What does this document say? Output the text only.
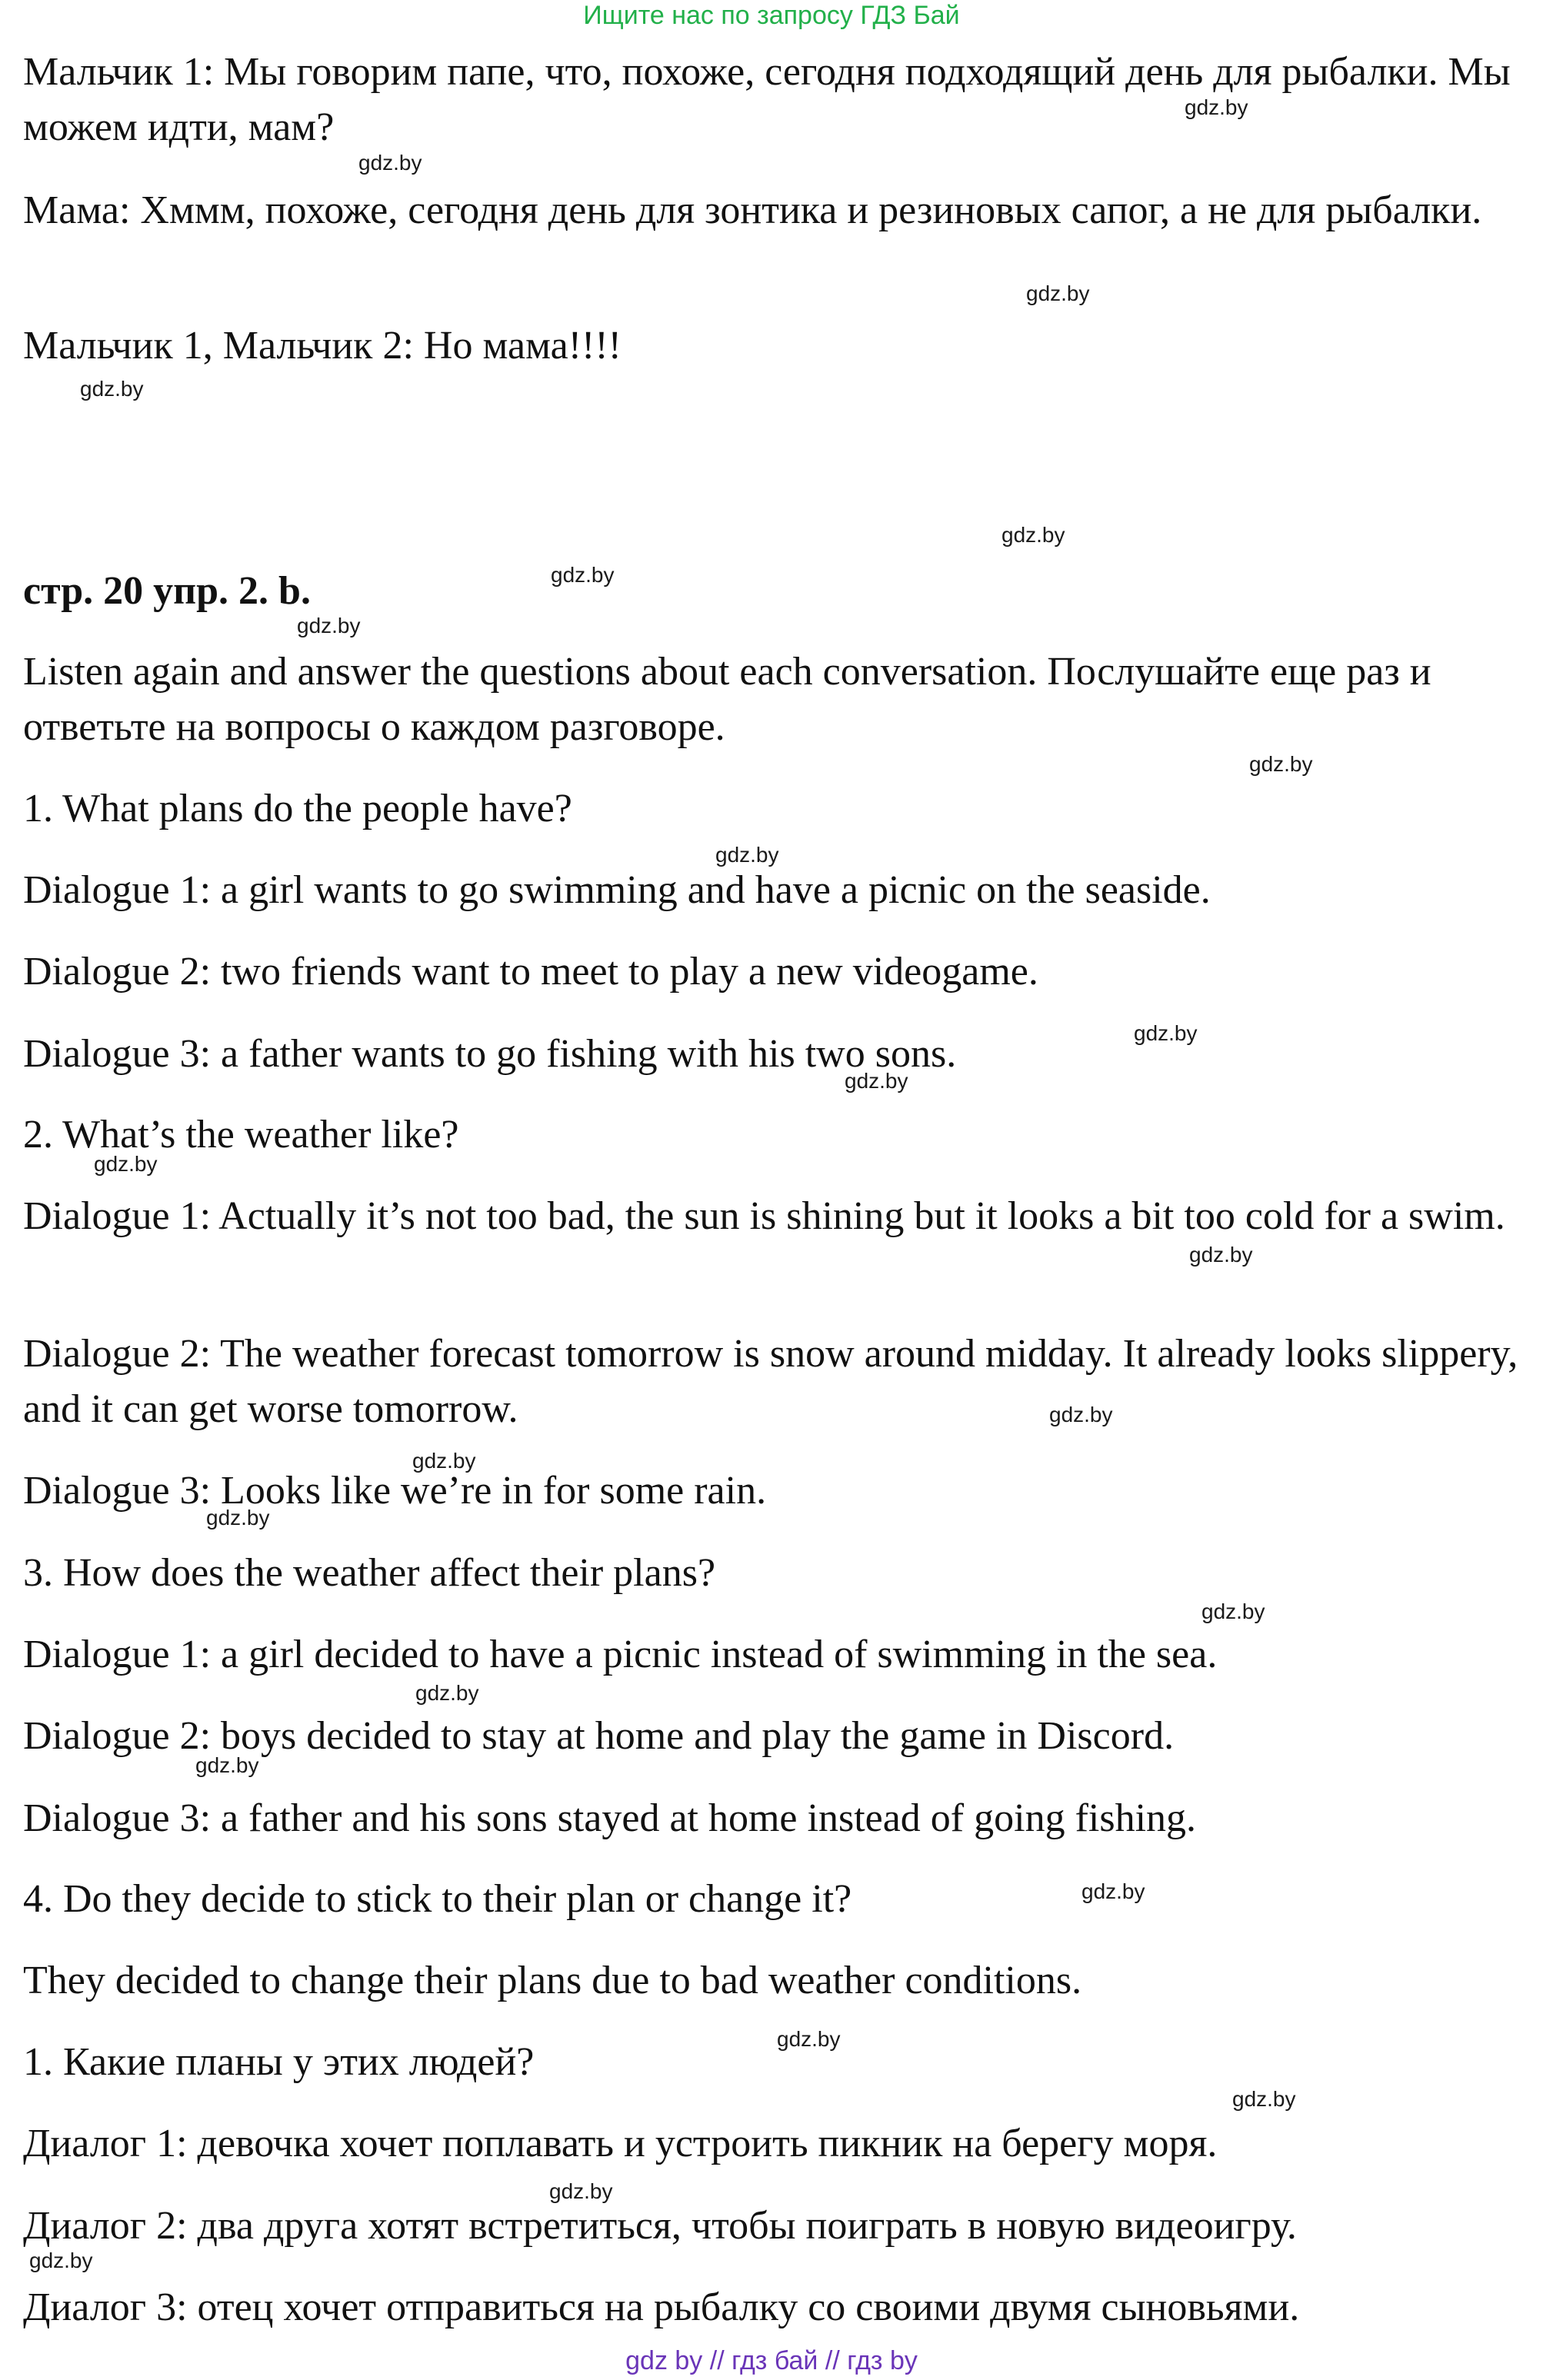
Ищите нас по запросу ГДЗ Бай

Мальчик 1: Мы говорим папе, что, похоже, сегодня подходящий день для рыбалки. Мы можем идти, мам?

Мама: Хммм, похоже, сегодня день для зонтика и резиновых сапог, а не для рыбалки.

Мальчик 1, Мальчик 2: Но мама!!!!

стр. 20 упр. 2. b.

Listen again and answer the questions about each conversation. Послушайте еще раз и ответьте на вопросы о каждом разговоре.

1. What plans do the people have?

Dialogue 1: a girl wants to go swimming and have a picnic on the seaside.

Dialogue 2: two friends want to meet to play a new videogame.

Dialogue 3: a father wants to go fishing with his two sons.

2. What’s the weather like?

Dialogue 1: Actually it’s not too bad, the sun is shining but it looks a bit too cold for a swim.

Dialogue 2: The weather forecast tomorrow is snow around midday. It already looks slippery, and it can get worse tomorrow.

Dialogue 3: Looks like we’re in for some rain.

3. How does the weather affect their plans?

Dialogue 1: a girl decided to have a picnic instead of swimming in the sea.

Dialogue 2: boys decided to stay at home and play the game in Discord.

Dialogue 3: a father and his sons stayed at home instead of going fishing.

4. Do they decide to stick to their plan or change it?

They decided to change their plans due to bad weather conditions.

1. Какие планы у этих людей?

Диалог 1: девочка хочет поплавать и устроить пикник на берегу моря.

Диалог 2: два друга хотят встретиться, чтобы поиграть в новую видеоигру.

Диалог 3: отец хочет отправиться на рыбалку со своими двумя сыновьями.

gdz.by
gdz.by
gdz.by
gdz.by
gdz.by
gdz.by
gdz.by
gdz.by
gdz.by
gdz.by
gdz.by
gdz.by
gdz.by
gdz.by
gdz.by
gdz.by
gdz.by
gdz.by
gdz.by
gdz.by
gdz.by
gdz.by
gdz.by
gdz.by
gdz by // гдз бай // гдз by
